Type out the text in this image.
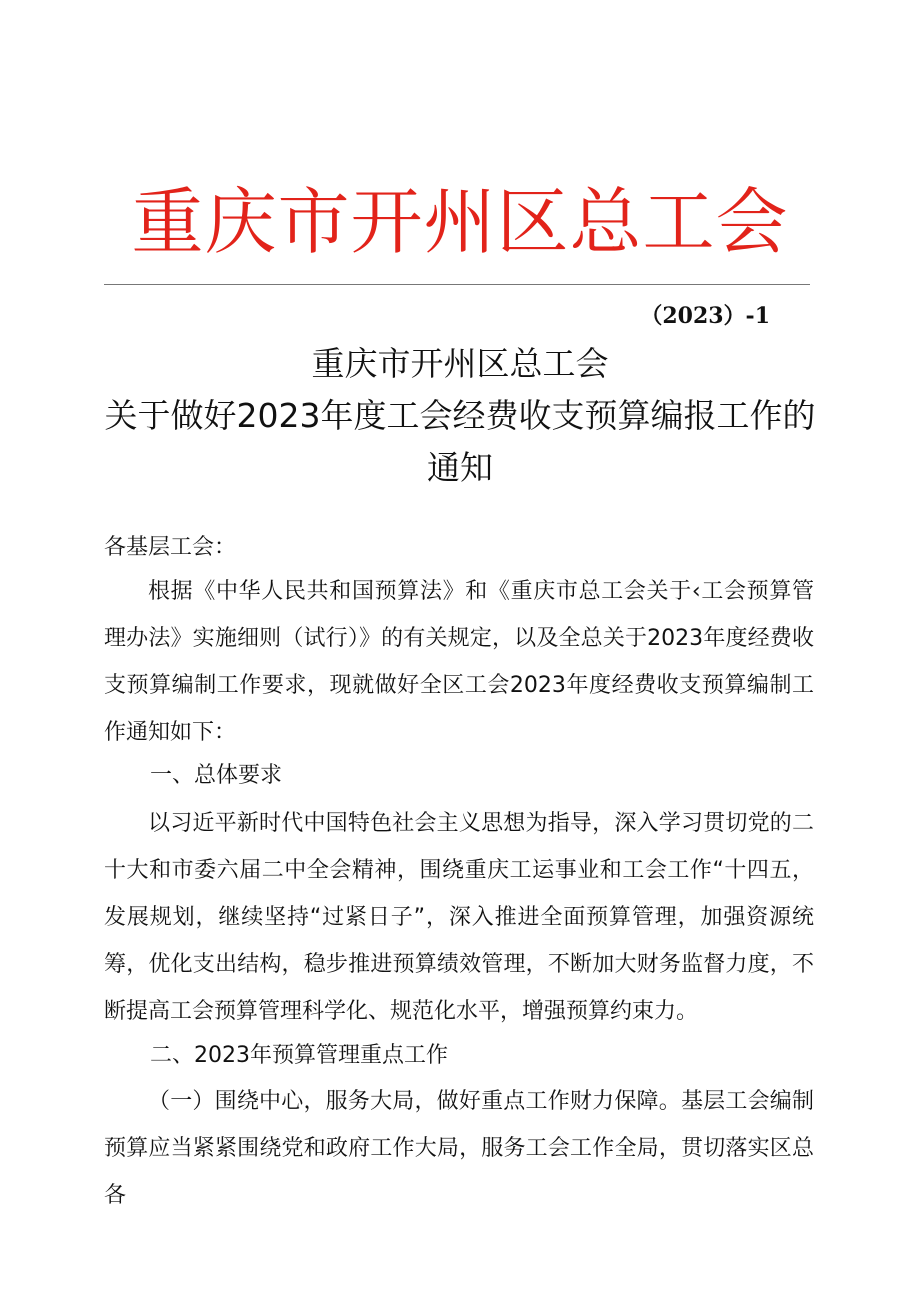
重庆市开州区总工会
（2023）-1
重庆市开州区总工会
关于做好2023年度工会经费收支预算编报工作的
通知
各基层工会：
根据《中华人民共和国预算法》和《重庆市总工会关于‹工会预算管理办法》实施细则（试行）》的有关规定，以及全总关于2023年度经费收支预算编制工作要求，现就做好全区工会2023年度经费收支预算编制工作通知如下：
一、总体要求
以习近平新时代中国特色社会主义思想为指导，深入学习贯切党的二十大和市委六届二中全会精神，围绕重庆工运事业和工会工作“十四五，发展规划，继续坚持“过紧日子”，深入推进全面预算管理，加强资源统筹，优化支出结构，稳步推进预算绩效管理，不断加大财务监督力度，不断提高工会预算管理科学化、规范化水平，增强预算约束力。
二、2023年预算管理重点工作
（一）围绕中心，服务大局，做好重点工作财力保障。基层工会编制预算应当紧紧围绕党和政府工作大局，服务工会工作全局，贯切落实区总各
